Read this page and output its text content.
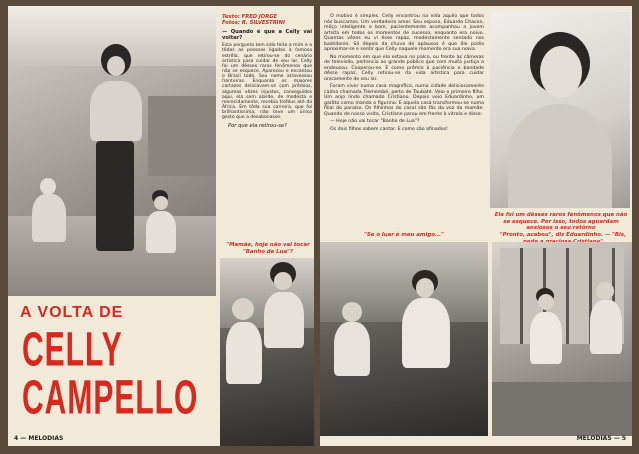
A VOLTA DE
CELLY
CAMPELLO

Texto: FRED JORGE
Fotos: R. SILVESTRINI

— Quando é que a Celly vai voltar?

Esta pergunta tem sido feita a mim e a tôdas as pessoas ligadas à famosa estrêla, que retirou-se do cenário artístico para cuidar de seu lar. Celly foi um dêsses raros fenômenos que não se esquece. Apareceu e encantou o Brasil todo. Seu nome atravessou fronteiras. Enquanto os maiores cartazes deliciavam-se com prêmios, algumas vêzes injustos, conseguidos aqui, ela sem alarde, de modesta e merecidamente, recebia troféus até da África. Em tôda sua carreira, que foi brilhantíssima, não teve um único gesto que a desabonasse.

Por que ela retirou-se?

"Mamãe, hoje não vai tocar "Banho de Lua"?
4 — MELODIAS

O motivo é simples. Celly encontrou na vida aquilo que todos nós buscamos. Um verdadeiro amor. Seu esposo, Eduardo Chacon, môço inteligente e bom, pacientemente acompanhou a jovem artista em todos os momentos de sucesso, enquanto era noivo. Quantas vêzes eu vi êsse rapaz, modestamente sentado nos bastidores. Só depois da chuva de aplausos é que êle podia aproximar-se e sentir que Celly naquele momento era sua noiva.

No momento em que ela estava no palco, ou frente às câmeras de televisão, pertencia ao grande público que com muita justiça a endeusou. Cooperou-se. E como prêmio à paciência e bondade dêsse rapaz, Celly retirou-se da vida artística para cuidar ùnicamente de seu lar.

Foram viver numa casa magnífica, numa cidade deliciosamente calma chamada Tremembé, perto de Taubaté. Veio o primeiro filho. Um anjo lindo chamado Cristiano. Depois veio Eduardinho, um garôto como manda o figurino. E aquela casa transformou-se numa filial do paraíso. Os filhinhos do casal são fãs da voz da mamãe. Quando de nosso visita, Cristiane parou em frente à vitrola e disse:

— Hoje não vai tocar "Banho de Lua"?

Os dois filhos sabem cantar. E como são afinados!

Ela foi um dêsses raros fenômenos que não se esquece. Por isso, todos aguardam ansiosos o seu retôrno
"Se o luar é meu amigo..."	"Pronto, acabou", diz Eduardinho. — "Bis,
MELODIAS — 5
